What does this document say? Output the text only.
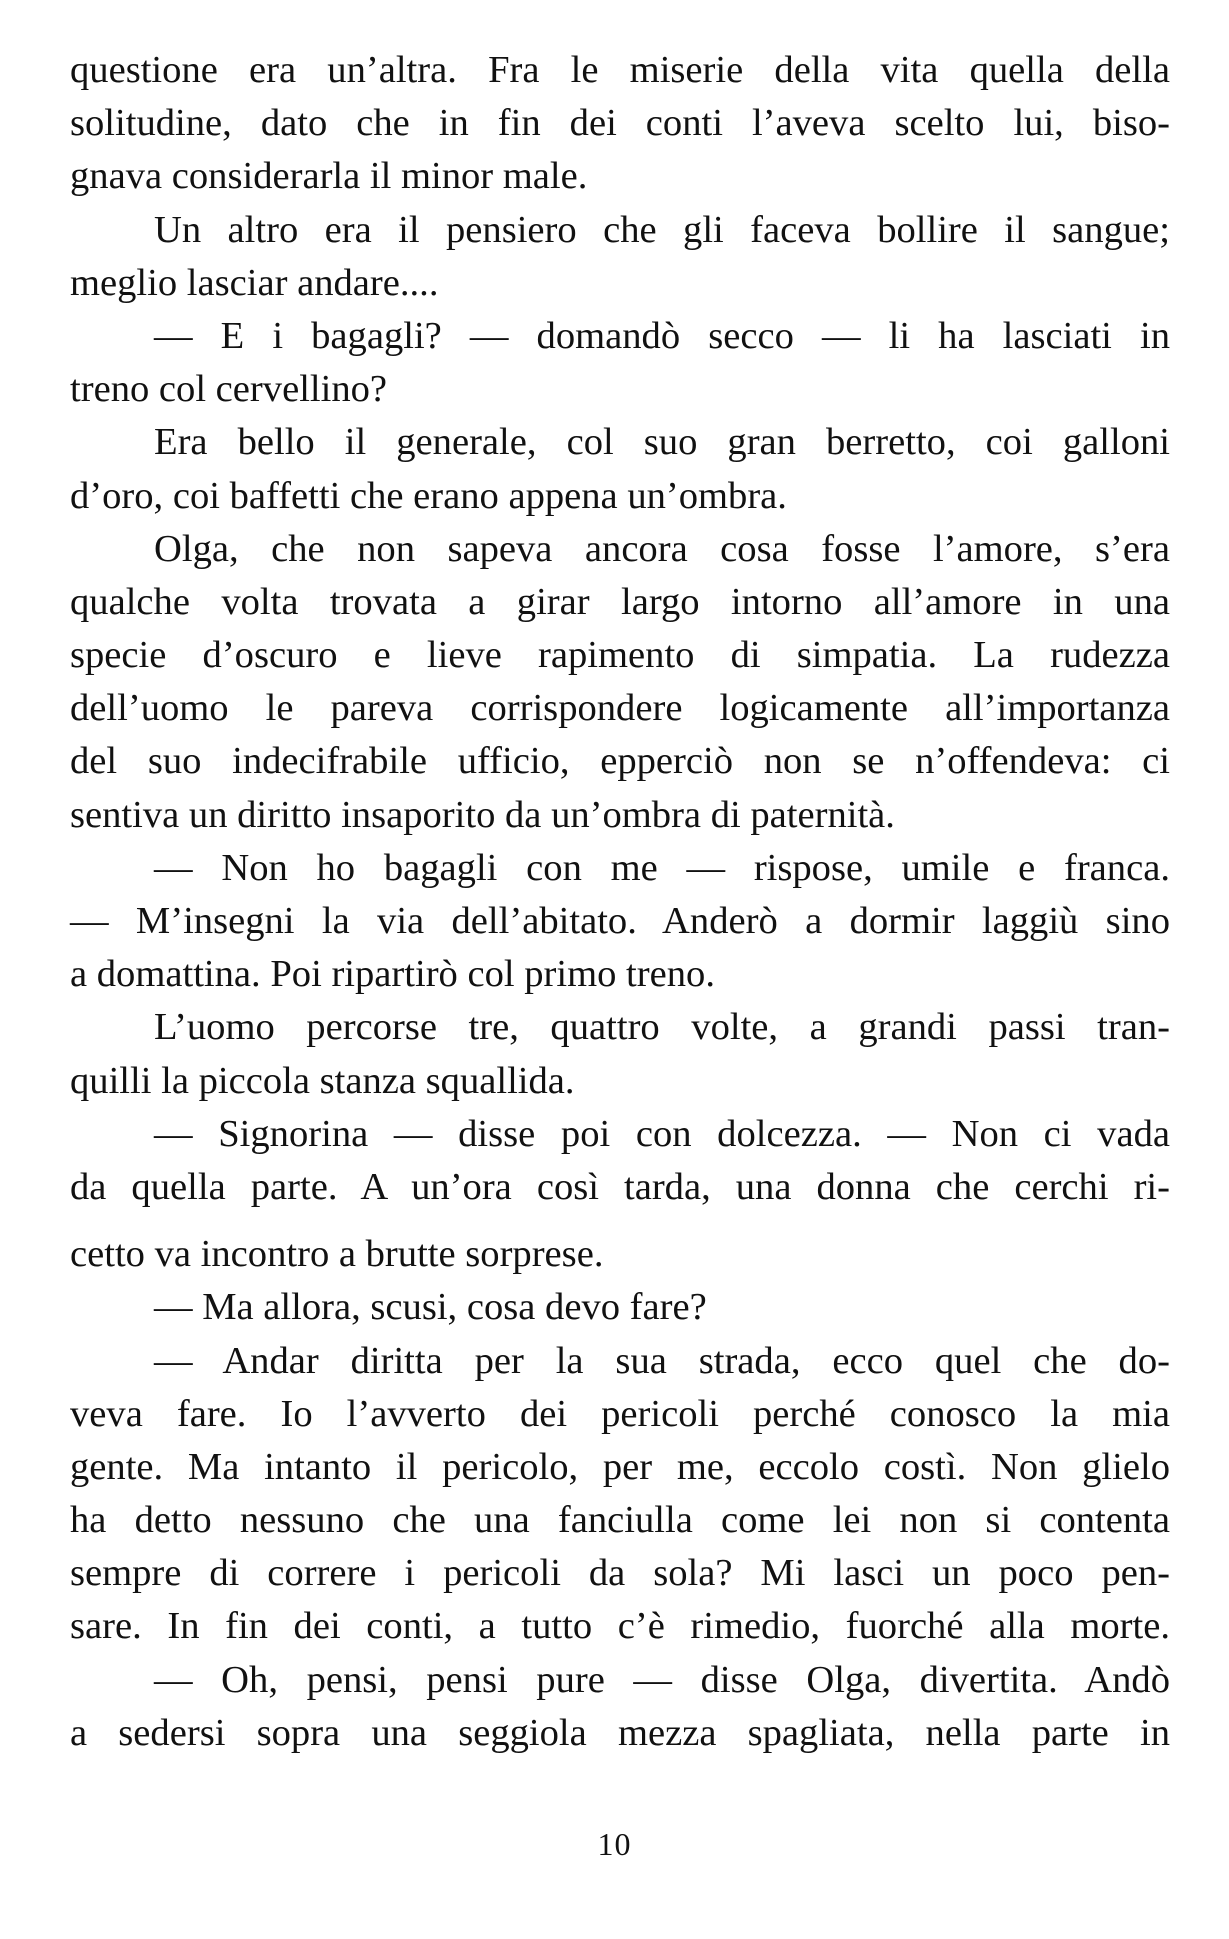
questione era un’altra. Fra le miserie della vita quella della
solitudine, dato che in fin dei conti l’aveva scelto lui, biso-
gnava considerarla il minor male.
Un altro era il pensiero che gli faceva bollire il sangue;
meglio lasciar andare....
— E i bagagli? — domandò secco — li ha lasciati in
treno col cervellino?
Era bello il generale, col suo gran berretto, coi galloni
d’oro, coi baffetti che erano appena un’ombra.
Olga, che non sapeva ancora cosa fosse l’amore, s’era
qualche volta trovata a girar largo intorno all’amore in una
specie d’oscuro e lieve rapimento di simpatia. La rudezza
dell’uomo le pareva corrispondere logicamente all’importanza
del suo indecifrabile ufficio, epperciò non se n’offendeva: ci
sentiva un diritto insaporito da un’ombra di paternità.
— Non ho bagagli con me — rispose, umile e franca.
— M’insegni la via dell’abitato. Anderò a dormir laggiù sino
a domattina. Poi ripartirò col primo treno.
L’uomo percorse tre, quattro volte, a grandi passi tran-
quilli la piccola stanza squallida.
— Signorina — disse poi con dolcezza. — Non ci vada
da quella parte. A un’ora così tarda, una donna che cerchi ri-
cetto va incontro a brutte sorprese.
— Ma allora, scusi, cosa devo fare?
— Andar diritta per la sua strada, ecco quel che do-
veva fare. Io l’avverto dei pericoli perché conosco la mia
gente. Ma intanto il pericolo, per me, eccolo costì. Non glielo
ha detto nessuno che una fanciulla come lei non si contenta
sempre di correre i pericoli da sola? Mi lasci un poco pen-
sare. In fin dei conti, a tutto c’è rimedio, fuorché alla morte.
— Oh, pensi, pensi pure — disse Olga, divertita. Andò
a sedersi sopra una seggiola mezza spagliata, nella parte in
10
